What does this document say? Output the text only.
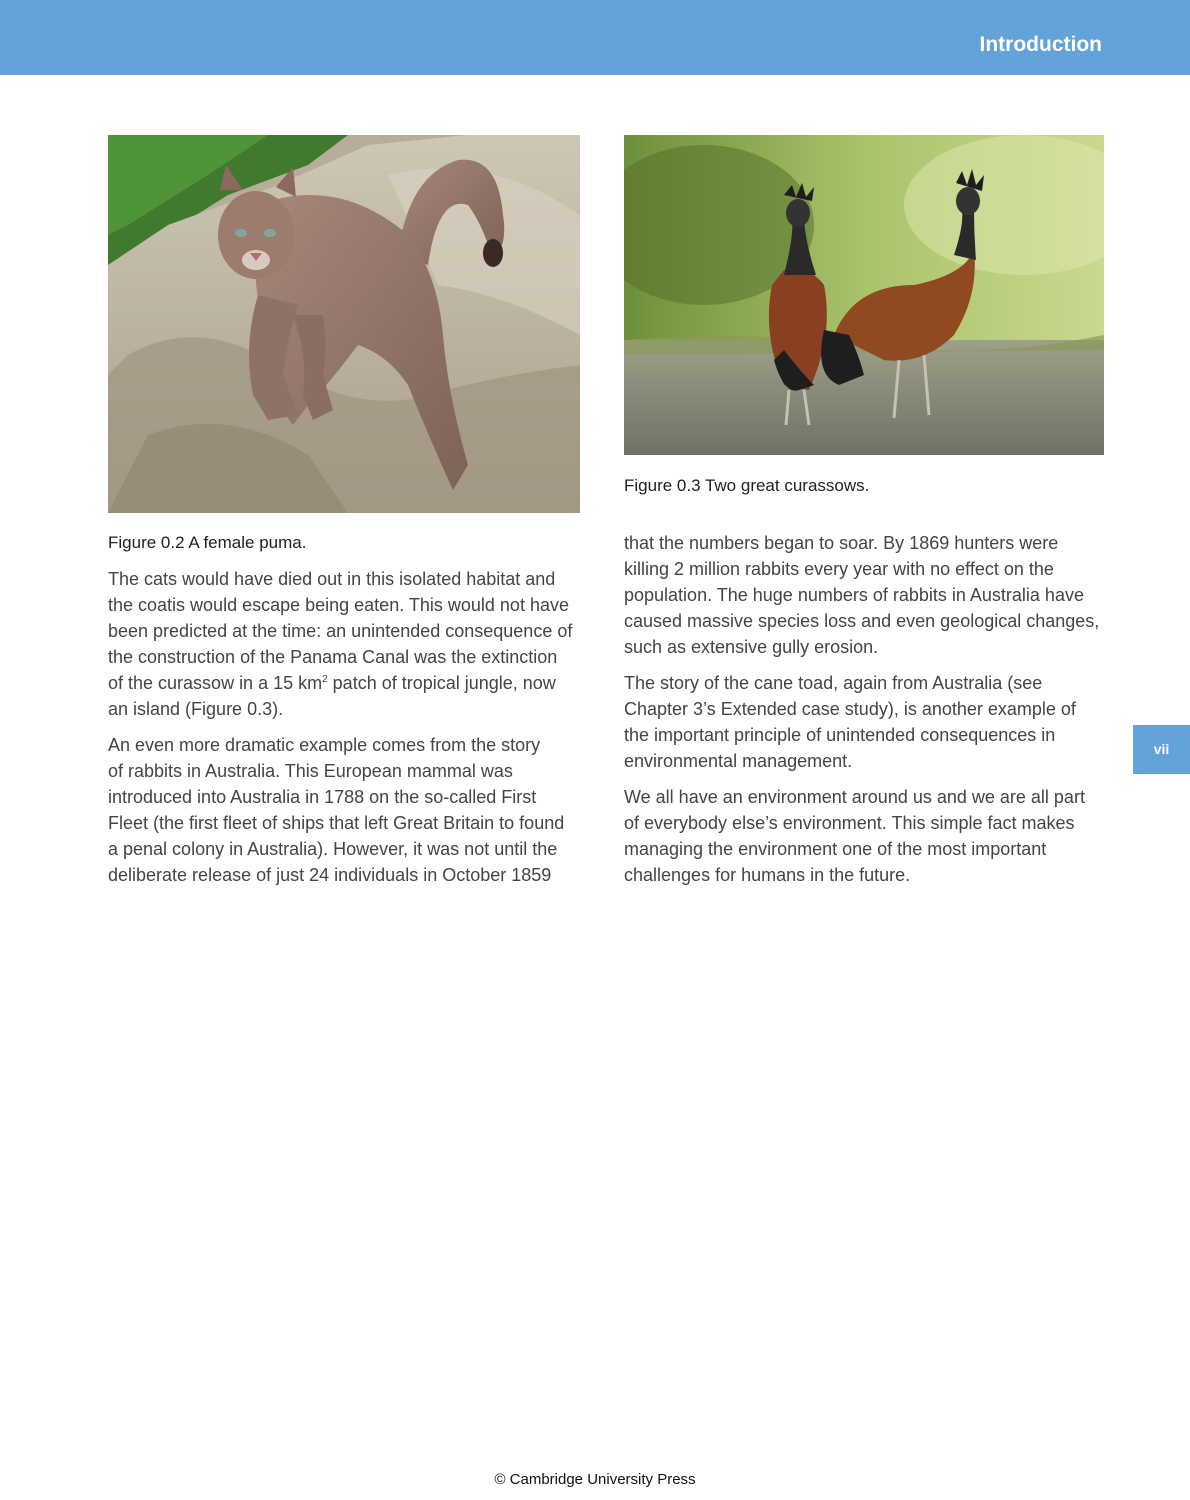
Introduction
vii
Figure 0.2 A female puma.
Figure 0.3 Two great curassows.
The cats would have died out in this isolated habitat and
the coatis would escape being eaten. This would not have
been predicted at the time: an unintended consequence of
the construction of the Panama Canal was the extinction
of the curassow in a 15 $km^2$ patch of tropical jungle, now
an island (Figure 0.3).
An even more dramatic example comes from the story
of rabbits in Australia. This European mammal was
introduced into Australia in 1788 on the so-called First
Fleet (the first fleet of ships that left Great Britain to found
a penal colony in Australia). However, it was not until the
deliberate release of just 24 individuals in October 1859
that the numbers began to soar. By 1869 hunters were
killing 2 million rabbits every year with no effect on the
population. The huge numbers of rabbits in Australia have
caused massive species loss and even geological changes,
such as extensive gully erosion.
The story of the cane toad, again from Australia (see
Chapter 3’s Extended case study), is another example of
the important principle of unintended consequences in
environmental management.
We all have an environment around us and we are all part
of everybody else’s environment. This simple fact makes
managing the environment one of the most important
challenges for humans in the future.
© Cambridge University Press
